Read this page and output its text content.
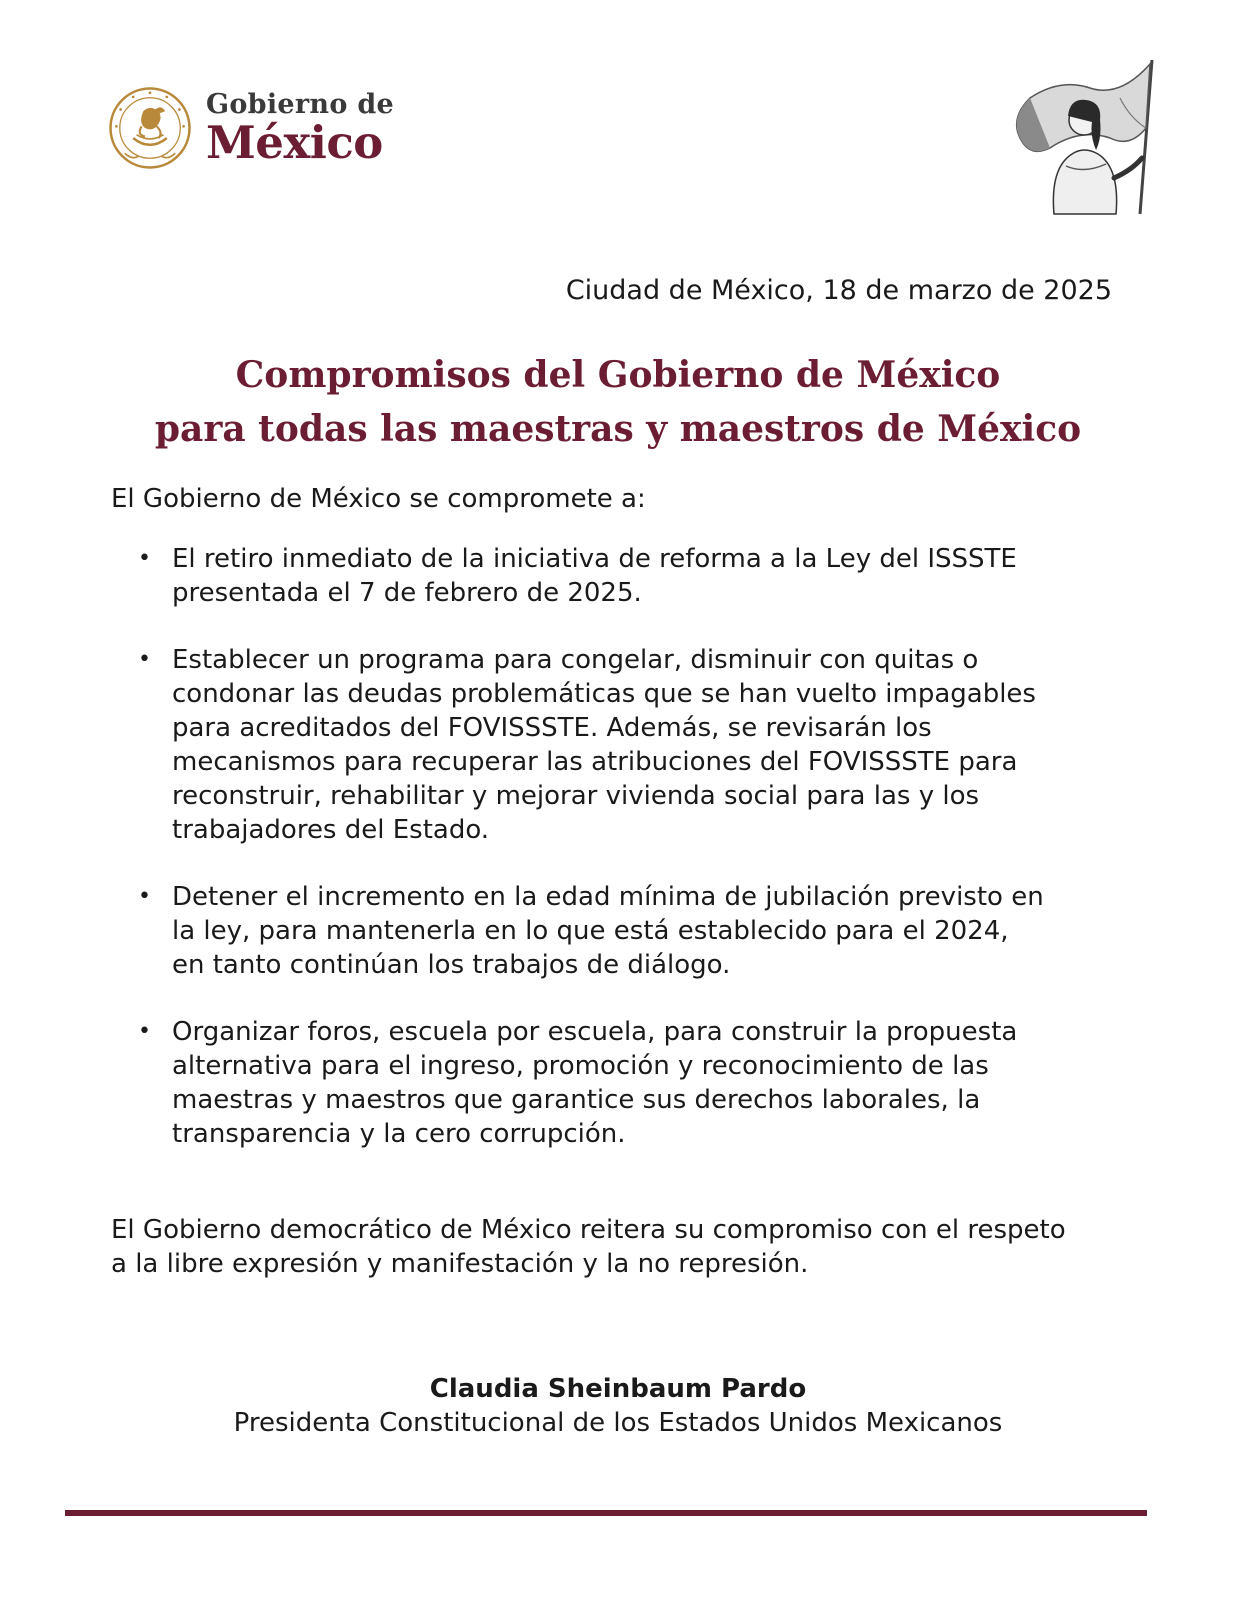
Gobierno de
México
Ciudad de México, 18 de marzo de 2025
Compromisos del Gobierno de México
para todas las maestras y maestros de México
El Gobierno de México se compromete a:
• El retiro inmediato de la iniciativa de reforma a la Ley del ISSSTE
presentada el 7 de febrero de 2025.
• Establecer un programa para congelar, disminuir con quitas o
condonar las deudas problemáticas que se han vuelto impagables
para acreditados del FOVISSSTE. Además, se revisarán los
mecanismos para recuperar las atribuciones del FOVISSSTE para
reconstruir, rehabilitar y mejorar vivienda social para las y los
trabajadores del Estado.
• Detener el incremento en la edad mínima de jubilación previsto en
la ley, para mantenerla en lo que está establecido para el 2024,
en tanto continúan los trabajos de diálogo.
• Organizar foros, escuela por escuela, para construir la propuesta
alternativa para el ingreso, promoción y reconocimiento de las
maestras y maestros que garantice sus derechos laborales, la
transparencia y la cero corrupción.
El Gobierno democrático de México reitera su compromiso con el respeto
a la libre expresión y manifestación y la no represión.
Claudia Sheinbaum Pardo
Presidenta Constitucional de los Estados Unidos Mexicanos
